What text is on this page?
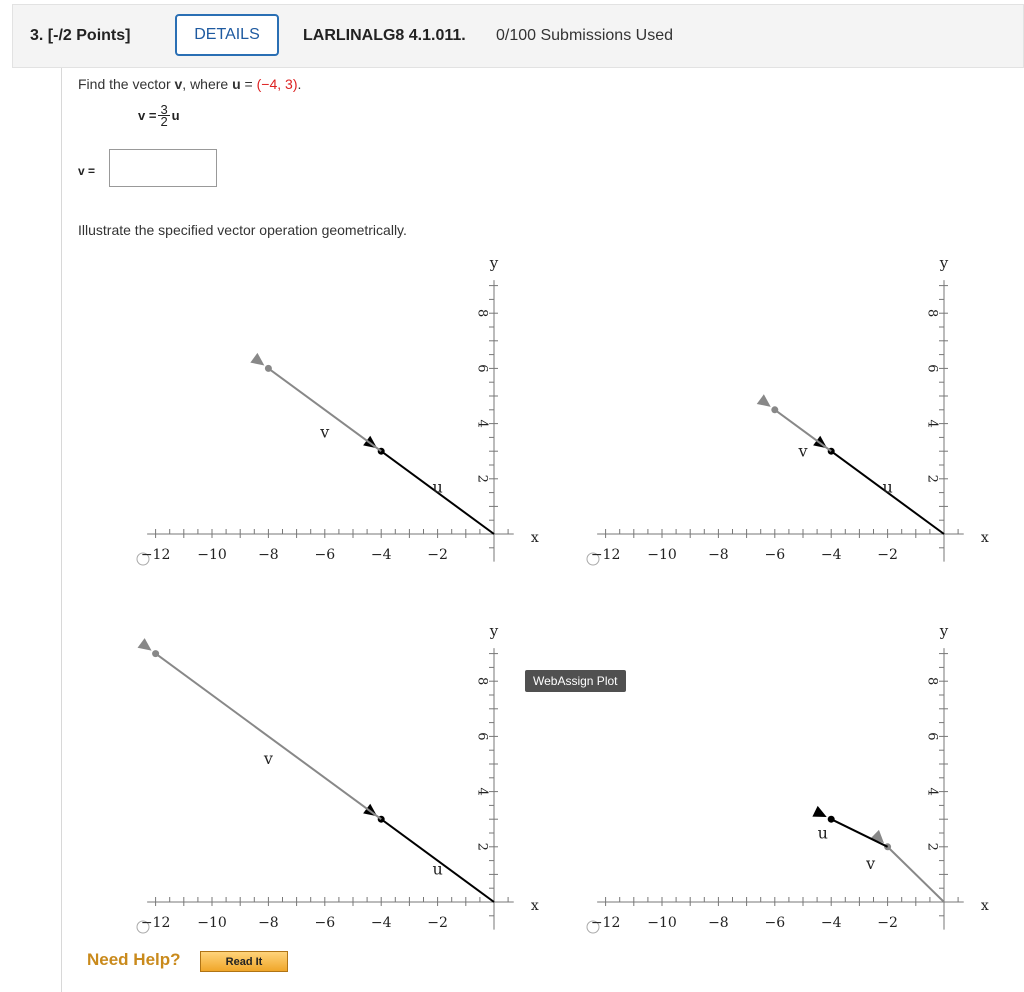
3. [-/2 Points]	DETAILS	LARLINALG8 4.1.011. 0/100 Submissions Used
Find the vector v, where u = (−4, 3).
$v = \frac{3}{2}$ u
v =
Illustrate the specified vector operation geometrically.
−12 −10 −8	−6	−4	−2
2
4
6
8
x
y
u
v
−12 −10 −8	−6	−4	−2
2
4
6
8
x
y
u
v
−12 −10 −8	−6	−4	−2
2
4
6
8
x
y
u
v
−12 −10 −8	−6	−4	−2
2
4
6
8
x
y
v
u
WebAssign Plot
Need Help?	Read It
